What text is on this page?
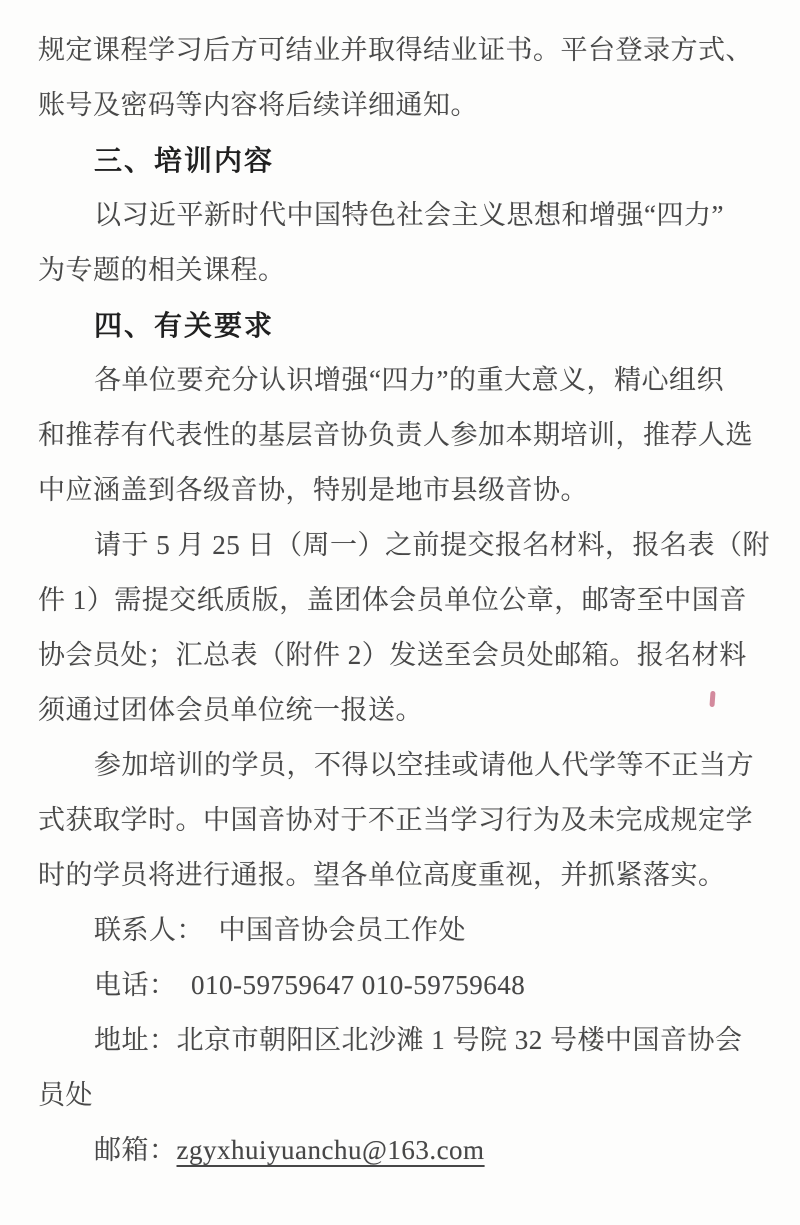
规定课程学习后方可结业并取得结业证书。平台登录方式、
账号及密码等内容将后续详细通知。
三、培训内容
以习近平新时代中国特色社会主义思想和增强“四力”
为专题的相关课程。
四、有关要求
各单位要充分认识增强“四力”的重大意义，精心组织
和推荐有代表性的基层音协负责人参加本期培训，推荐人选
中应涵盖到各级音协，特别是地市县级音协。
请于 5 月 25 日（周一）之前提交报名材料，报名表（附
件 1）需提交纸质版，盖团体会员单位公章，邮寄至中国音
协会员处；汇总表（附件 2）发送至会员处邮箱。报名材料
须通过团体会员单位统一报送。
参加培训的学员，不得以空挂或请他人代学等不正当方
式获取学时。中国音协对于不正当学习行为及未完成规定学
时的学员将进行通报。望各单位高度重视，并抓紧落实。
联系人：  中国音协会员工作处
电话：  010-59759647 010-59759648
地址：北京市朝阳区北沙滩 1 号院 32 号楼中国音协会
员处
邮箱：zgyxhuiyuanchu@163.com
